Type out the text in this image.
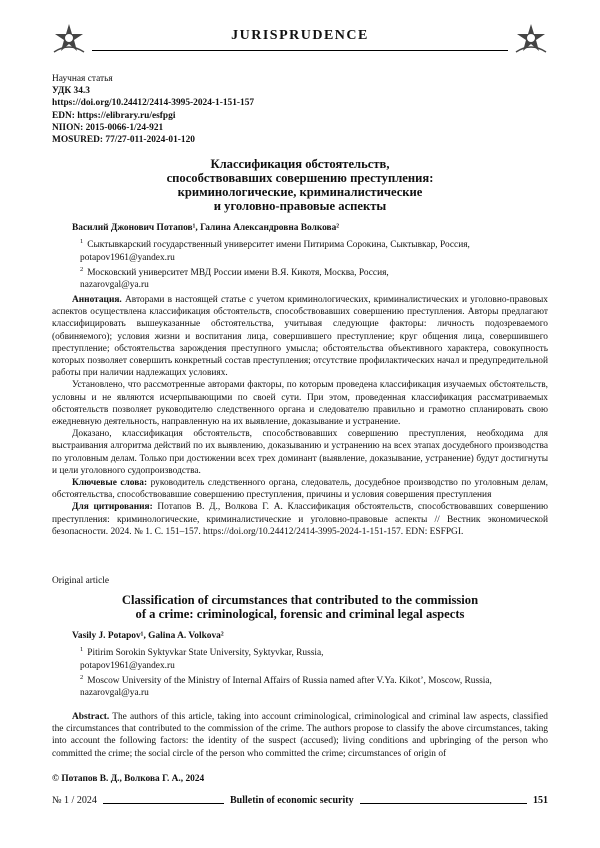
JURISPRUDENCE
Научная статья
УДК 34.3
https://doi.org/10.24412/2414-3995-2024-1-151-157
EDN: https://elibrary.ru/esfpgi
NIION: 2015-0066-1/24-921
MOSURED: 77/27-011-2024-01-120
Классификация обстоятельств,
способствовавших совершению преступления:
криминологические, криминалистические
и уголовно-правовые аспекты
Василий Джонович Потапов¹, Галина Александровна Волкова²
$^1$ Сыктывкарский государственный университет имени Питирима Сорокина, Сыктывкар, Россия,
potapov1961@yandex.ru
$^2$ Московский университет МВД России имени В.Я. Кикотя, Москва, Россия,
nazarovgal@ya.ru

Аннотация. Авторами в настоящей статье с учетом криминологических, криминалистических и уголовно-правовых аспектов осуществлена классификация обстоятельств, способствовавших совершению преступления. Авторы предлагают классифицировать вышеуказанные обстоятельства, учитывая следующие факторы: личность подозреваемого (обвиняемого); условия жизни и воспитания лица, совершившего преступление; круг общения лица, совершившего преступление; обстоятельства зарождения преступного умысла; обстоятельства объективного характера, совокупность которых позволяет совершить конкретный состав преступления; отсутствие профилактических начал и предупредительной работы при наличии надлежащих условиях.

Установлено, что рассмотренные авторами факторы, по которым проведена классификация изучаемых обстоятельств, условны и не являются исчерпывающими по своей сути. При этом, проведенная классификация рассматриваемых обстоятельств позволяет руководителю следственного органа и следователю правильно и грамотно спланировать свою ежедневную деятельность, направленную на их выявление, доказывание и устранение.

Доказано, классификация обстоятельств, способствовавших совершению преступления, необходима для выстраивания алгоритма действий по их выявлению, доказыванию и устранению на всех этапах досудебного производства по уголовным делам. Только при достижении всех трех доминант (выявление, доказывание, устранение) будут достигнуты и цели уголовного судопроизводства.

Ключевые слова: руководитель следственного органа, следователь, досудебное производство по уголовным делам, обстоятельства, способствовавшие совершению преступления, причины и условия совершения преступления

Для цитирования: Потапов В. Д., Волкова Г. А. Классификация обстоятельств, способствовавших совершению преступления: криминологические, криминалистические и уголовно-правовые аспекты // Вестник экономической безопасности. 2024. № 1. С. 151–157. https://doi.org/10.24412/2414-3995-2024-1-151-157. EDN: ESFPGI.

Original article
Classification of circumstances that contributed to the commission
of a crime: criminological, forensic and criminal legal aspects
Vasily J. Potapov¹, Galina A. Volkova²
$^1$ Pitirim Sorokin Syktyvkar State University, Syktyvkar, Russia,
potapov1961@yandex.ru
$^2$ Moscow University of the Ministry of Internal Affairs of Russia named after V.Ya. Kikot’, Moscow, Russia,
nazarovgal@ya.ru

Abstract. The authors of this article, taking into account criminological, criminological and criminal law aspects, classified the circumstances that contributed to the commission of the crime. The authors propose to classify the above circumstances, taking into account the following factors: the identity of the suspect (accused); living conditions and upbringing of the person who committed the crime; the social circle of the person who committed the crime; circumstances of origin of

© Потапов В. Д., Волкова Г. А., 2024
№ 1 / 2024	Bulletin of economic security	151
